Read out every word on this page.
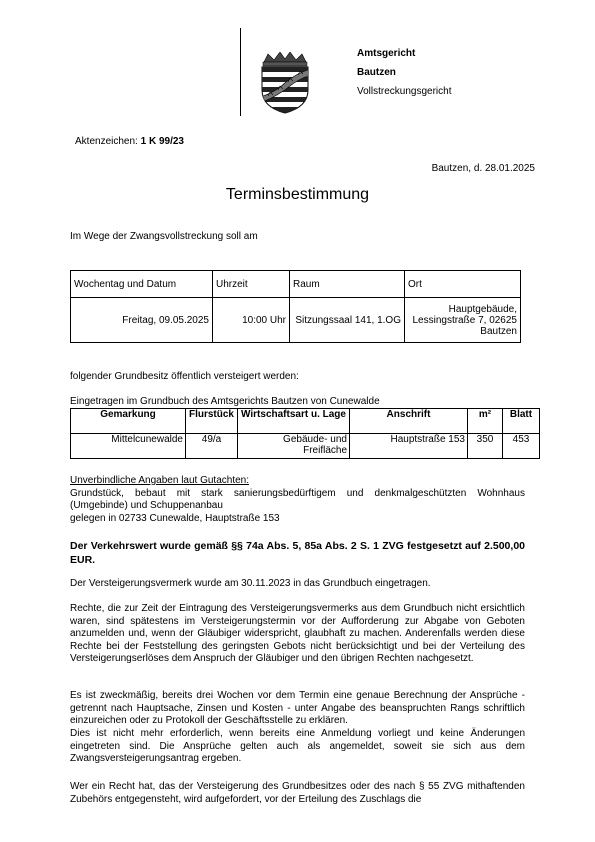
Amtsgericht
Bautzen
Vollstreckungsgericht
Aktenzeichen: 1 K 99/23
Bautzen, d. 28.01.2025
Terminsbestimmung
Im Wege der Zwangsvollstreckung soll am
Wochentag und Datum	Uhrzeit	Raum	Ort
Freitag, 09.05.2025	10:00 Uhr	Sitzungssaal 141, 1.OG	Hauptgebäude, Lessingstraße 7, 02625 Bautzen
folgender Grundbesitz öffentlich versteigert werden:
Eingetragen im Grundbuch des Amtsgerichts Bautzen von Cunewalde
Gemarkung	Flurstück	Wirtschaftsart u. Lage	Anschrift	m²	Blatt
Mittelcunewalde	49/a	Gebäude- und Freifläche	Hauptstraße 153	350	453
Unverbindliche Angaben laut Gutachten:
Grundstück, bebaut mit stark sanierungsbedürftigem und denkmalgeschützten Wohnhaus (Umgebinde) und Schuppenanbau
gelegen in 02733 Cunewalde, Hauptstraße 153
Der Verkehrswert wurde gemäß §§ 74a Abs. 5, 85a Abs. 2 S. 1 ZVG festgesetzt auf 2.500,00 EUR.
Der Versteigerungsvermerk wurde am 30.11.2023 in das Grundbuch eingetragen.
Rechte, die zur Zeit der Eintragung des Versteigerungsvermerks aus dem Grundbuch nicht ersichtlich waren, sind spätestens im Versteigerungstermin vor der Aufforderung zur Abgabe von Geboten anzumelden und, wenn der Gläubiger widerspricht, glaubhaft zu machen. Anderenfalls werden diese Rechte bei der Feststellung des geringsten Gebots nicht berücksichtigt und bei der Verteilung des Versteigerungserlöses dem Anspruch der Gläubiger und den übrigen Rechten nachgesetzt.
Es ist zweckmäßig, bereits drei Wochen vor dem Termin eine genaue Berechnung der Ansprüche - getrennt nach Hauptsache, Zinsen und Kosten - unter Angabe des beanspruchten Rangs schriftlich einzureichen oder zu Protokoll der Geschäftsstelle zu erklären.
Dies ist nicht mehr erforderlich, wenn bereits eine Anmeldung vorliegt und keine Änderungen eingetreten sind. Die Ansprüche gelten auch als angemeldet, soweit sie sich aus dem Zwangsversteigerungsantrag ergeben.
Wer ein Recht hat, das der Versteigerung des Grundbesitzes oder des nach § 55 ZVG mithaftenden Zubehörs entgegensteht, wird aufgefordert, vor der Erteilung des Zuschlags die
